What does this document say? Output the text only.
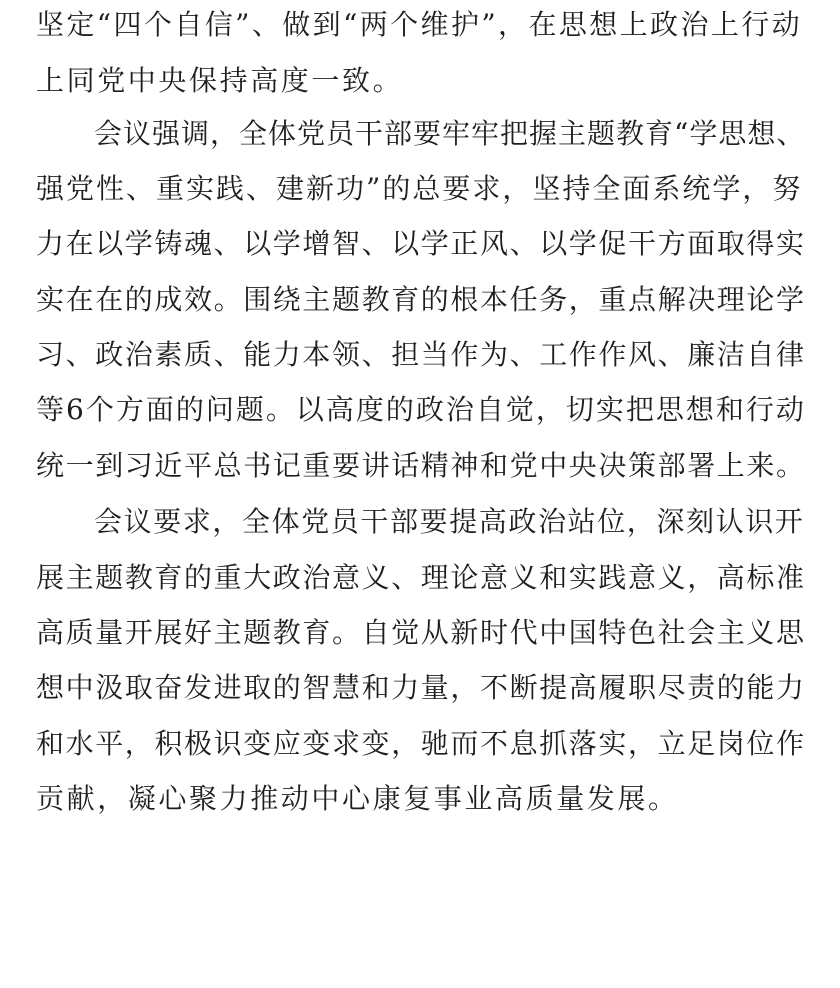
坚定“四个自信”、做到“两个维护”，在思想上政治上行动
上同党中央保持高度一致。
会议强调，全体党员干部要牢牢把握主题教育“学思想、
强党性、重实践、建新功”的总要求，坚持全面系统学，努
力在以学铸魂、以学增智、以学正风、以学促干方面取得实
实在在的成效。围绕主题教育的根本任务，重点解决理论学
习、政治素质、能力本领、担当作为、工作作风、廉洁自律
等6个方面的问题。以高度的政治自觉，切实把思想和行动
统一到习近平总书记重要讲话精神和党中央决策部署上来。
会议要求，全体党员干部要提高政治站位，深刻认识开
展主题教育的重大政治意义、理论意义和实践意义，高标准
高质量开展好主题教育。自觉从新时代中国特色社会主义思
想中汲取奋发进取的智慧和力量，不断提高履职尽责的能力
和水平，积极识变应变求变，驰而不息抓落实，立足岗位作
贡献，凝心聚力推动中心康复事业高质量发展。
